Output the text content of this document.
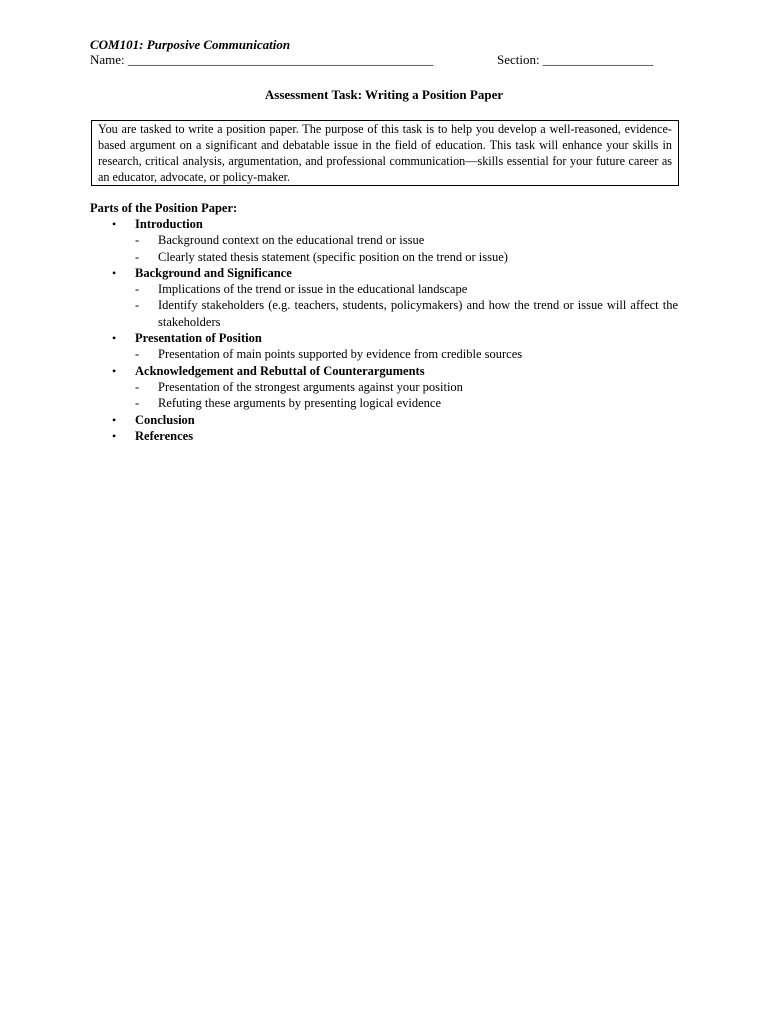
COM101: Purposive Communication
Name: _______________________________________________	Section: _________________
Assessment Task: Writing a Position Paper
You are tasked to write a position paper. The purpose of this task is to help you develop a well-reasoned, evidence-based argument on a significant and debatable issue in the field of education. This task will enhance your skills in research, critical analysis, argumentation, and professional communication—skills essential for your future career as an educator, advocate, or policy-maker.
Parts of the Position Paper:
• Introduction
- Background context on the educational trend or issue
- Clearly stated thesis statement (specific position on the trend or issue)
• Background and Significance
- Implications of the trend or issue in the educational landscape
- Identify stakeholders (e.g. teachers, students, policymakers) and how the trend or issue will affect the stakeholders
• Presentation of Position
- Presentation of main points supported by evidence from credible sources
• Acknowledgement and Rebuttal of Counterarguments
- Presentation of the strongest arguments against your position
- Refuting these arguments by presenting logical evidence
• Conclusion
• References
